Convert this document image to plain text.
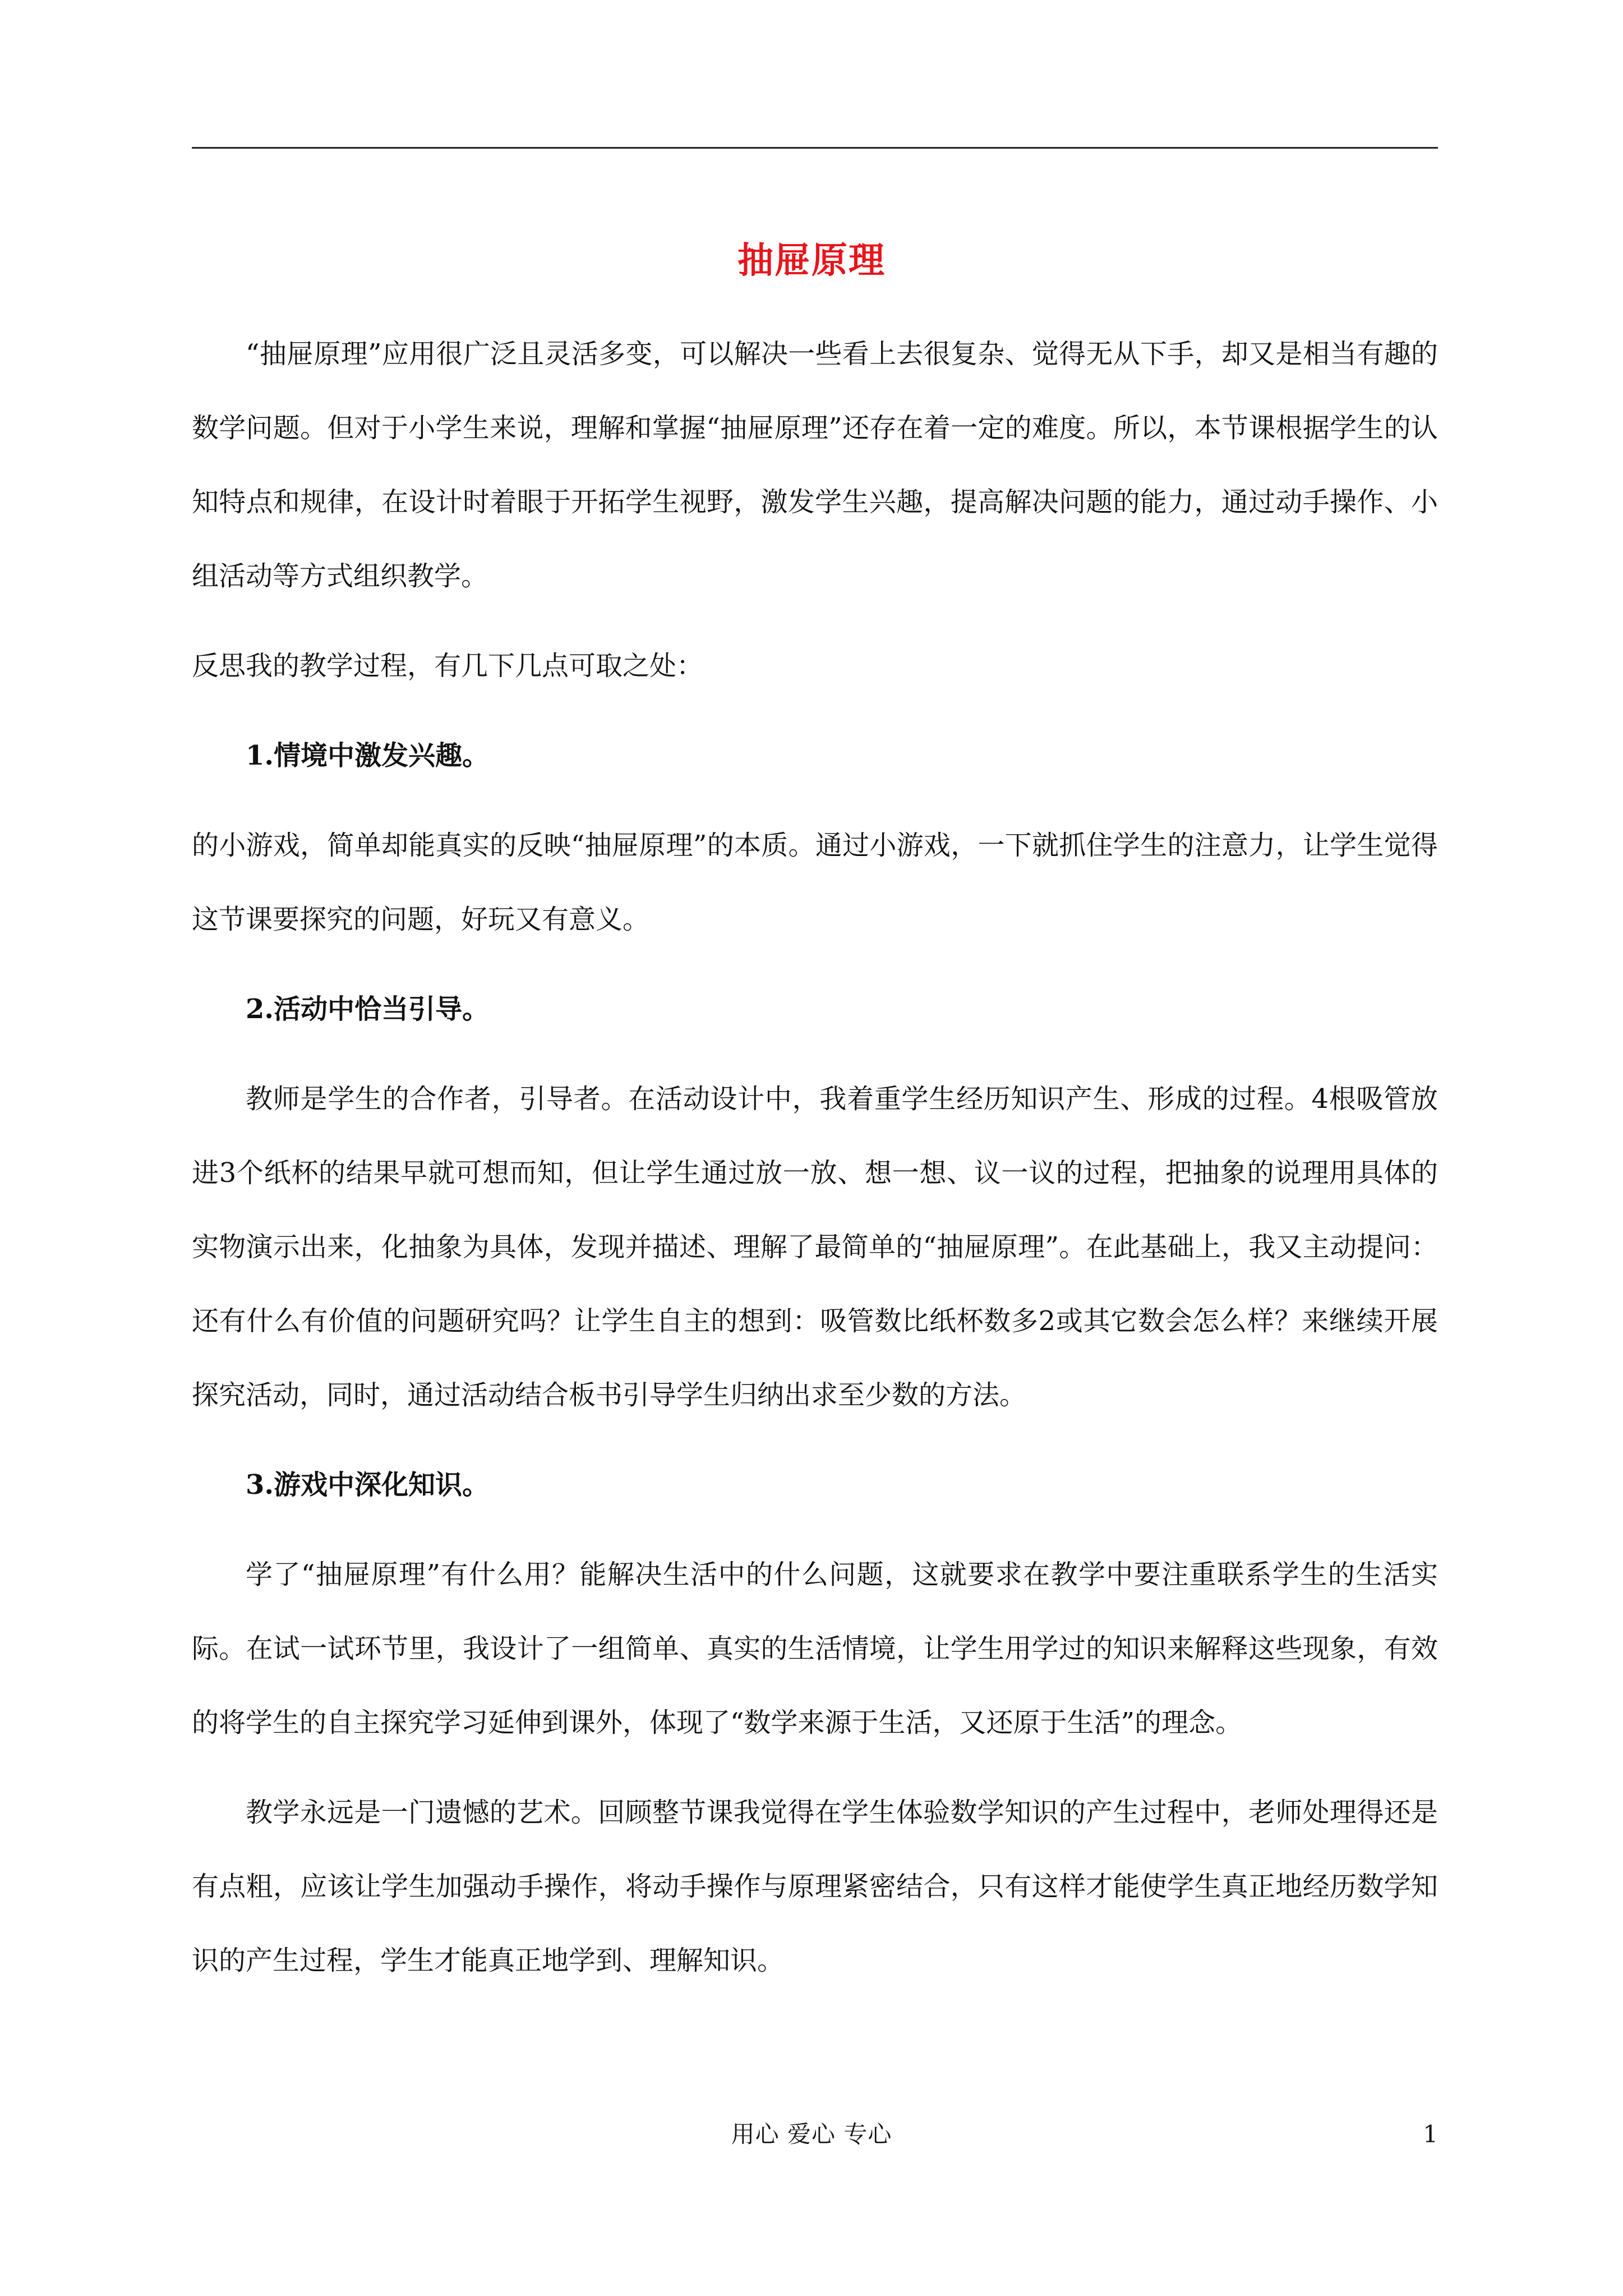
抽屉原理

“抽屉原理”应用很广泛且灵活多变，可以解决一些看上去很复杂、觉得无从下手，却又是相当有趣的数学问题。但对于小学生来说，理解和掌握“抽屉原理”还存在着一定的难度。所以，本节课根据学生的认知特点和规律，在设计时着眼于开拓学生视野，激发学生兴趣，提高解决问题的能力，通过动手操作、小组活动等方式组织教学。

反思我的教学过程，有几下几点可取之处：

1.情境中激发兴趣。

的小游戏，简单却能真实的反映“抽屉原理”的本质。通过小游戏，一下就抓住学生的注意力，让学生觉得这节课要探究的问题，好玩又有意义。

2.活动中恰当引导。

教师是学生的合作者，引导者。在活动设计中，我着重学生经历知识产生、形成的过程。4根吸管放进3个纸杯的结果早就可想而知，但让学生通过放一放、想一想、议一议的过程，把抽象的说理用具体的实物演示出来，化抽象为具体，发现并描述、理解了最简单的“抽屉原理”。在此基础上，我又主动提问：还有什么有价值的问题研究吗？让学生自主的想到：吸管数比纸杯数多2或其它数会怎么样？来继续开展探究活动，同时，通过活动结合板书引导学生归纳出求至少数的方法。

3.游戏中深化知识。

学了“抽屉原理”有什么用？能解决生活中的什么问题，这就要求在教学中要注重联系学生的生活实际。在试一试环节里，我设计了一组简单、真实的生活情境，让学生用学过的知识来解释这些现象，有效的将学生的自主探究学习延伸到课外，体现了“数学来源于生活，又还原于生活”的理念。

教学永远是一门遗憾的艺术。回顾整节课我觉得在学生体验数学知识的产生过程中，老师处理得还是有点粗，应该让学生加强动手操作，将动手操作与原理紧密结合，只有这样才能使学生真正地经历数学知识的产生过程，学生才能真正地学到、理解知识。

用心 爱心 专心	1
